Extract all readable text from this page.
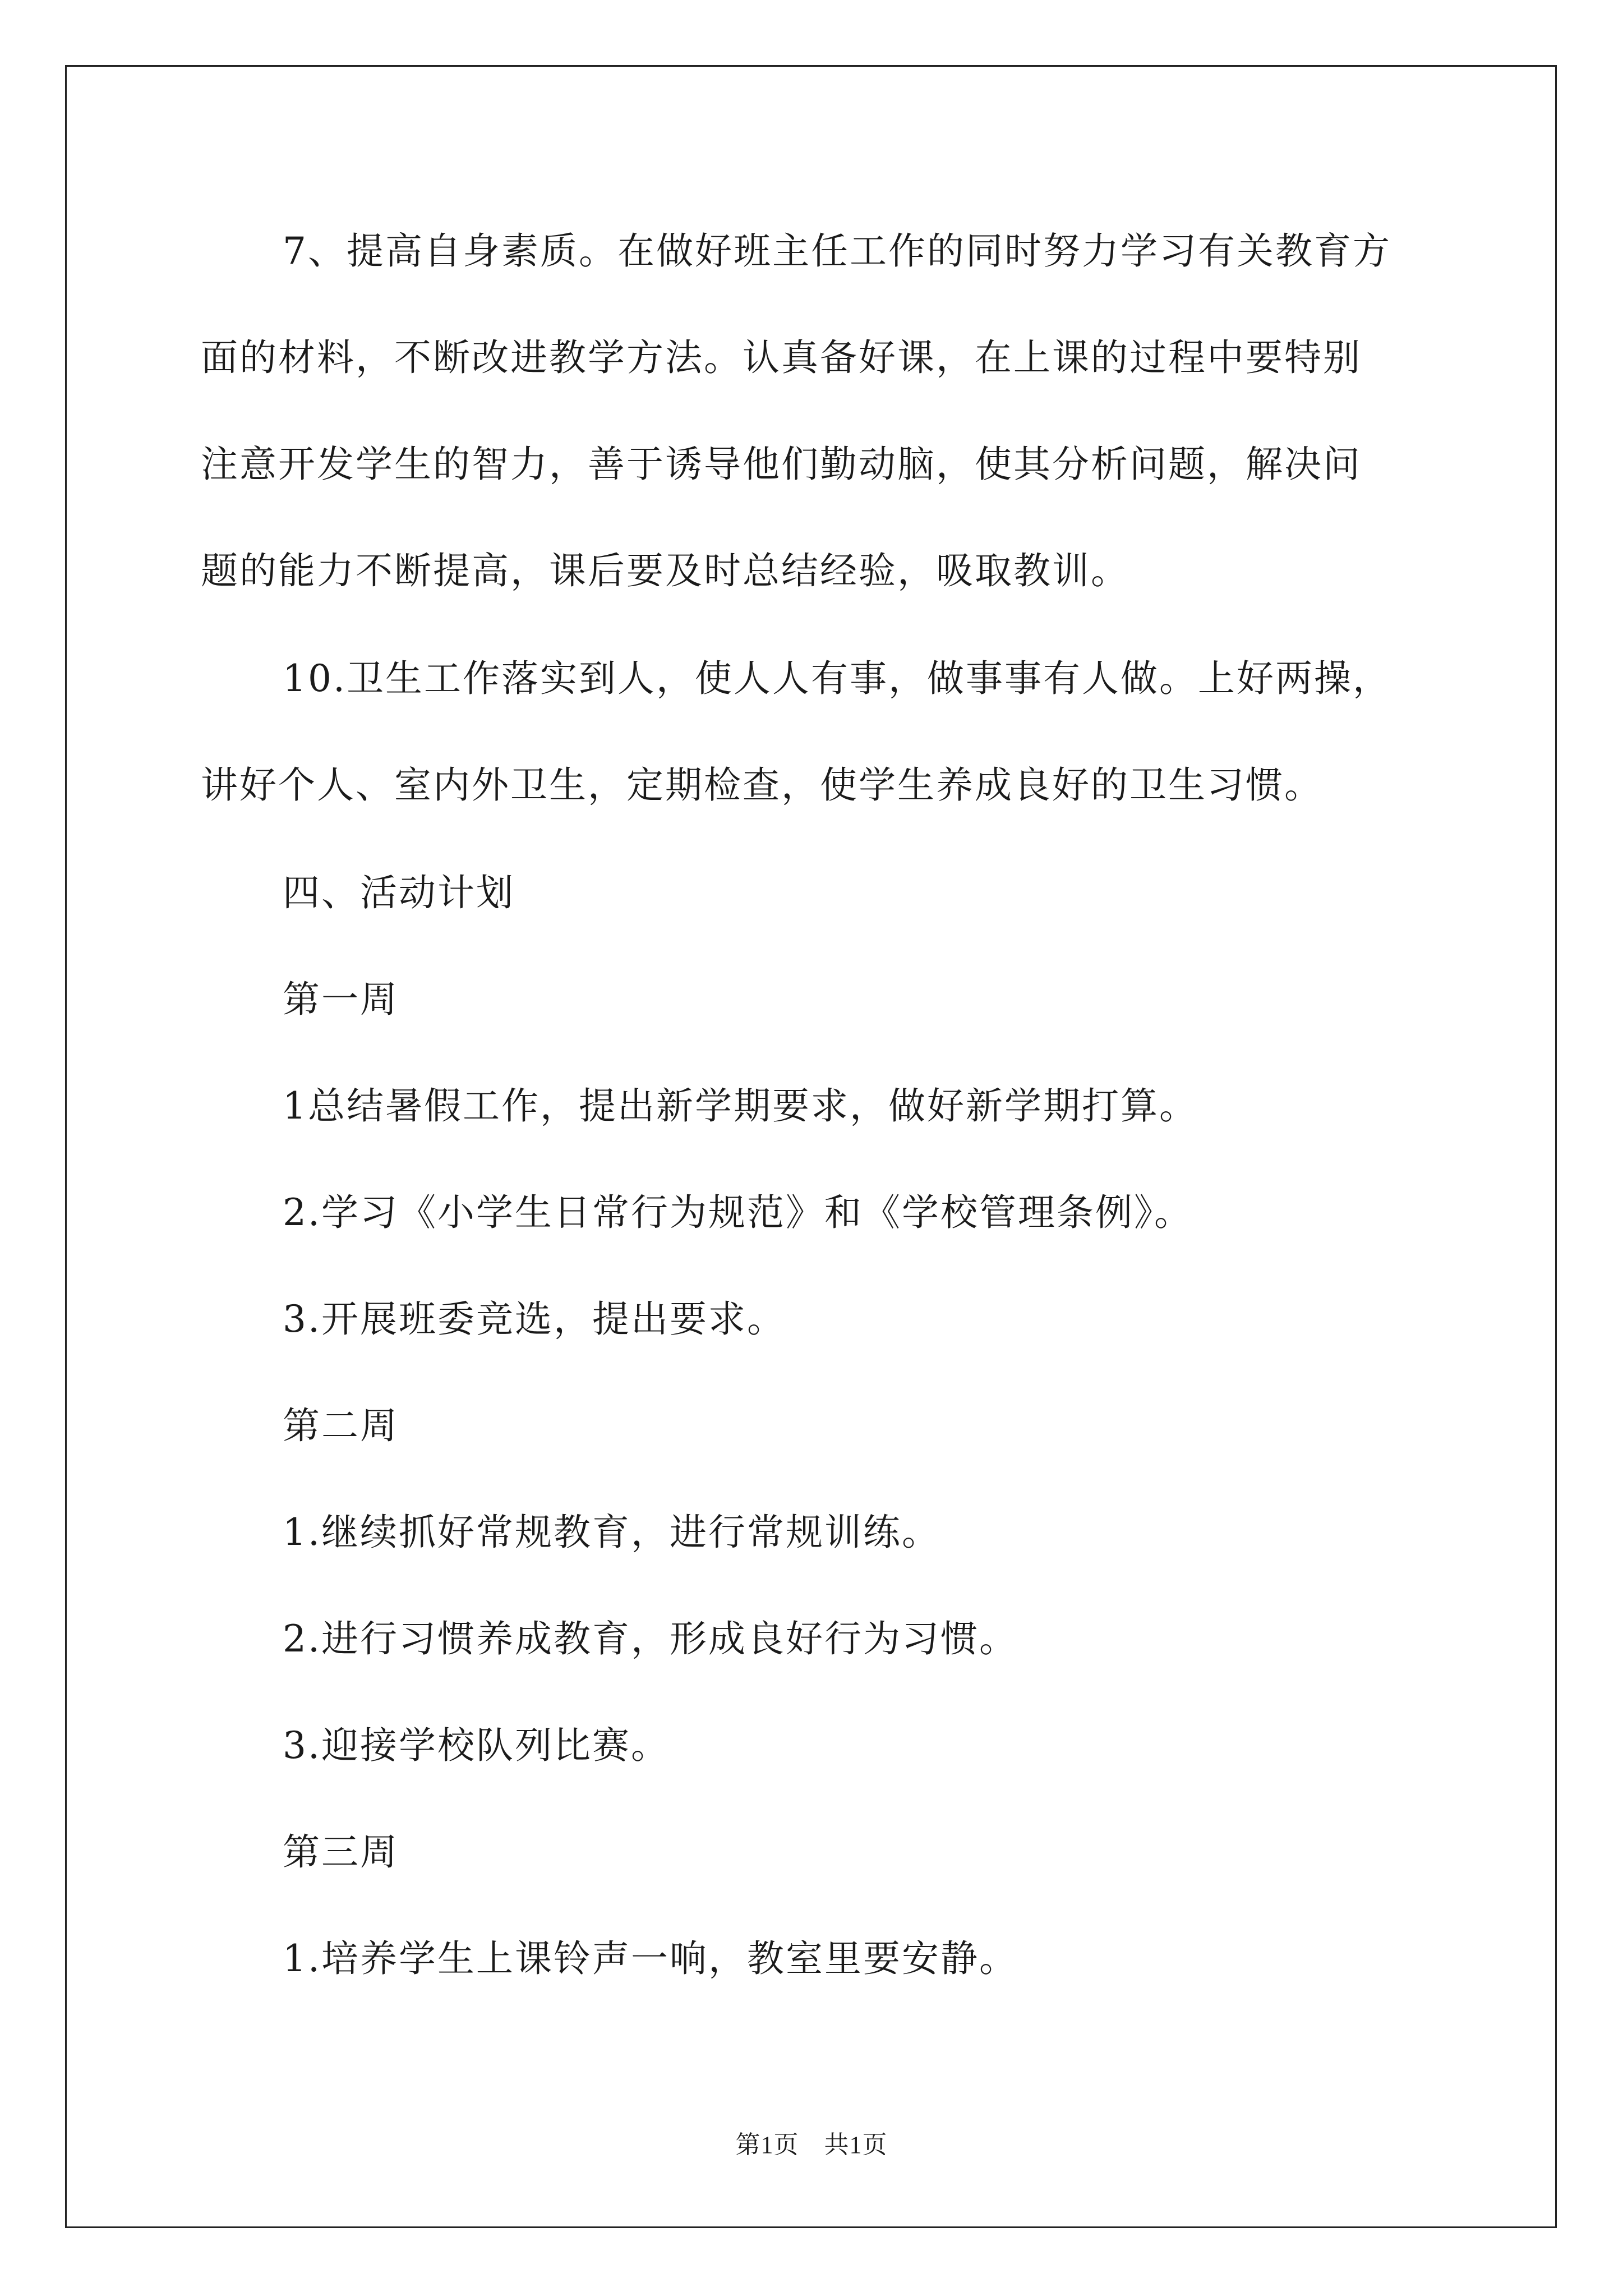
7、提高自身素质。在做好班主任工作的同时努力学习有关教育方
面的材料，不断改进教学方法。认真备好课，在上课的过程中要特别
注意开发学生的智力，善于诱导他们勤动脑，使其分析问题，解决问
题的能力不断提高，课后要及时总结经验，吸取教训。
10.卫生工作落实到人，使人人有事，做事事有人做。上好两操，
讲好个人、室内外卫生，定期检查，使学生养成良好的卫生习惯。
四、活动计划
第一周
1总结暑假工作，提出新学期要求，做好新学期打算。
2.学习《小学生日常行为规范》和《学校管理条例》。
3.开展班委竞选，提出要求。
第二周
1.继续抓好常规教育，进行常规训练。
2.进行习惯养成教育，形成良好行为习惯。
3.迎接学校队列比赛。
第三周
1.培养学生上课铃声一响，教室里要安静。
第1页　共1页
